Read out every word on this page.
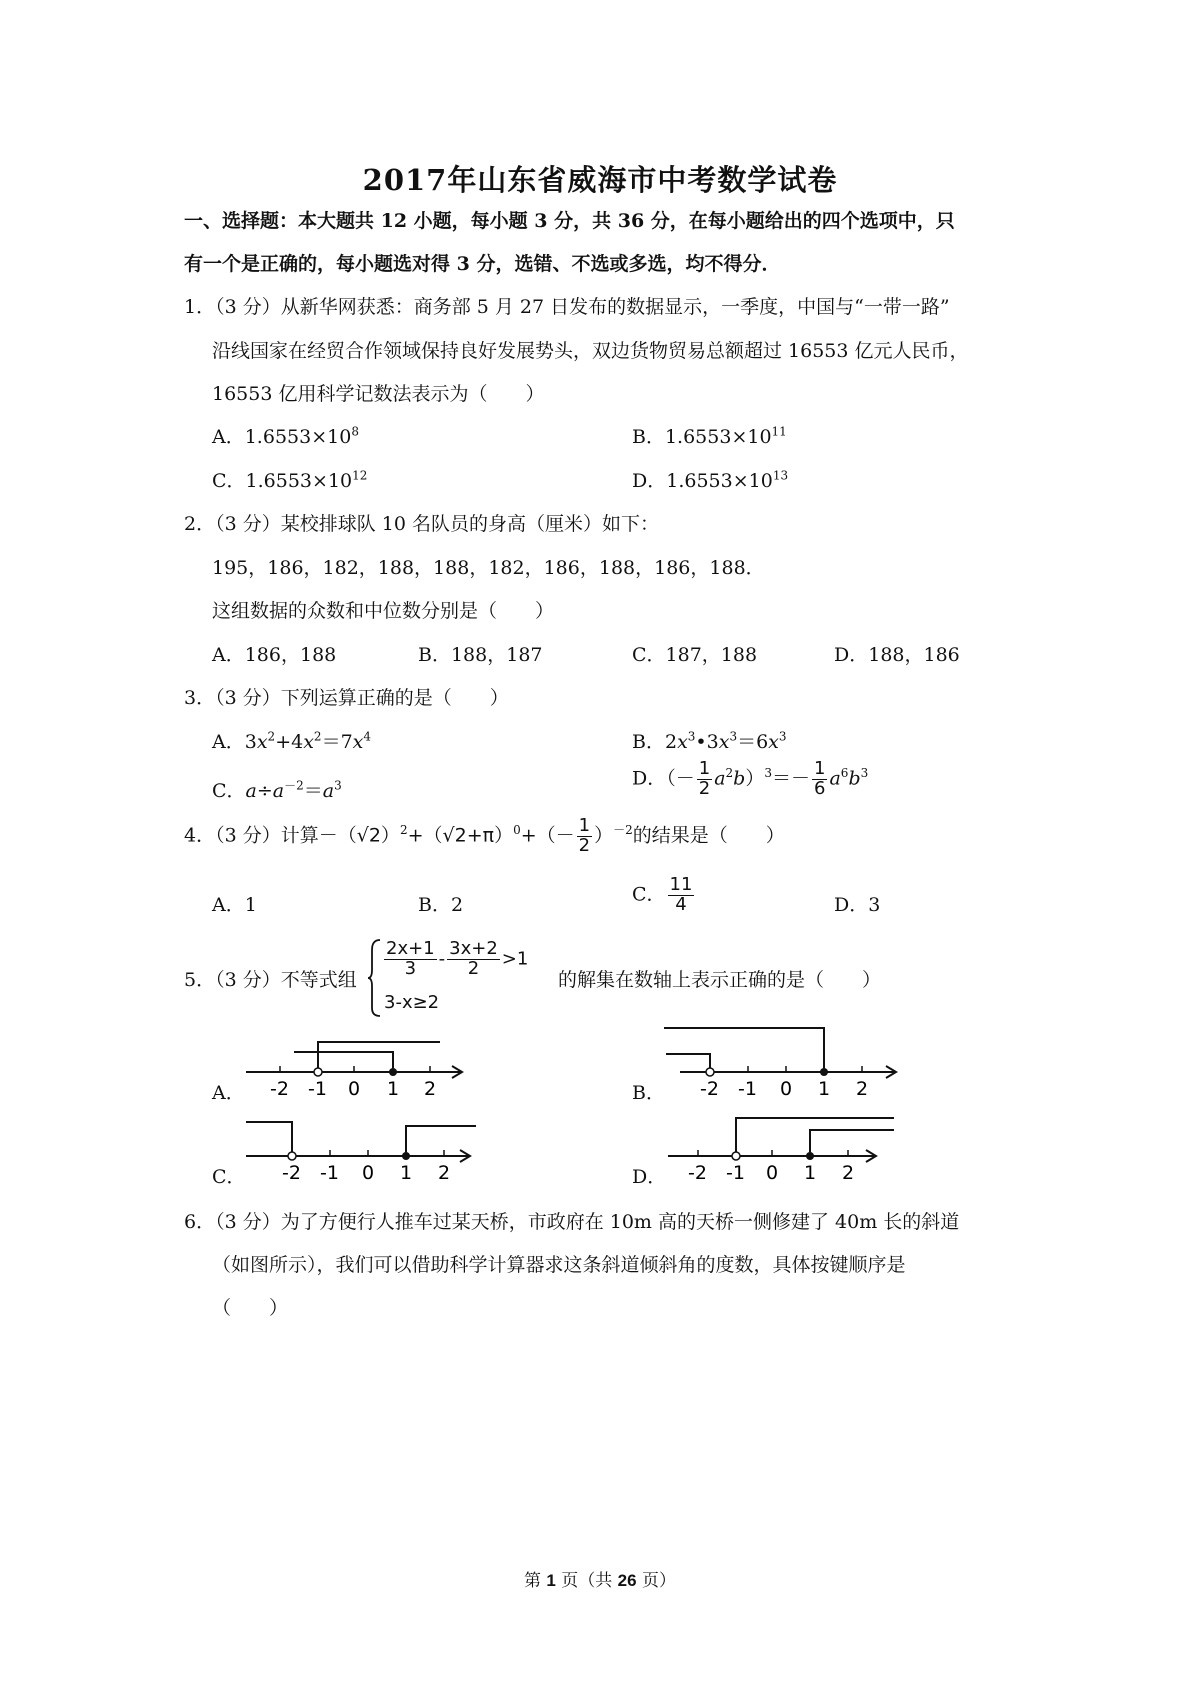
2017年山东省威海市中考数学试卷
一、选择题：本大题共 12 小题，每小题 3 分，共 36 分，在每小题给出的四个选项中，只
有一个是正确的，每小题选对得 3 分，选错、不选或多选，均不得分．
1．（3 分）从新华网获悉：商务部 5 月 27 日发布的数据显示，一季度，中国与“一带一路”
沿线国家在经贸合作领域保持良好发展势头，双边货物贸易总额超过 16553 亿元人民币，
16553 亿用科学记数法表示为（　　）
A．$1.6553\times 10^8$	B．$1.6553\times 10^{11}$
C．$1.6553\times 10^{12}$	D．$1.6553\times 10^{13}$
2．（3 分）某校排球队 10 名队员的身高（厘米）如下：
195，186，182，188，188，182，186，188，186，188．
这组数据的众数和中位数分别是（　　）
A．186，188	B．188，187	C．187，188	D．188，186
3．（3 分）下列运算正确的是（　　）
A．$3x^2+4x^2=7x^4$	B．$2x^3•3x^3=6x^3$
C．$a\div a^{-2}=a^3$	D．（－ $\frac{1}{2} a^2b)^3=- \frac{1}{6} a^6b^3$
4．（3 分）计算$-(√2)^2+(√2+\pi)^0+(- \frac{1}{2} )^{-2}$的结果是（　　）
A．1	B．2	C． $\frac{11}{4}$	D．3
5．（3 分）不等式组
$\frac{2x+1}{3} - \frac{3x+2}{2} >1$
3-x≥2
的解集在数轴上表示正确的是（　　）
A． -2 -1 0 1 2	B． -2 -1 0 1 2
C． -2 -1 0 1 2	D． -2 -1 0 1 2
6．（3 分）为了方便行人推车过某天桥，市政府在 10m 高的天桥一侧修建了 40m 长的斜道
（如图所示），我们可以借助科学计算器求这条斜道倾斜角的度数，具体按键顺序是
（　　）
第 1 页（共 26 页）
